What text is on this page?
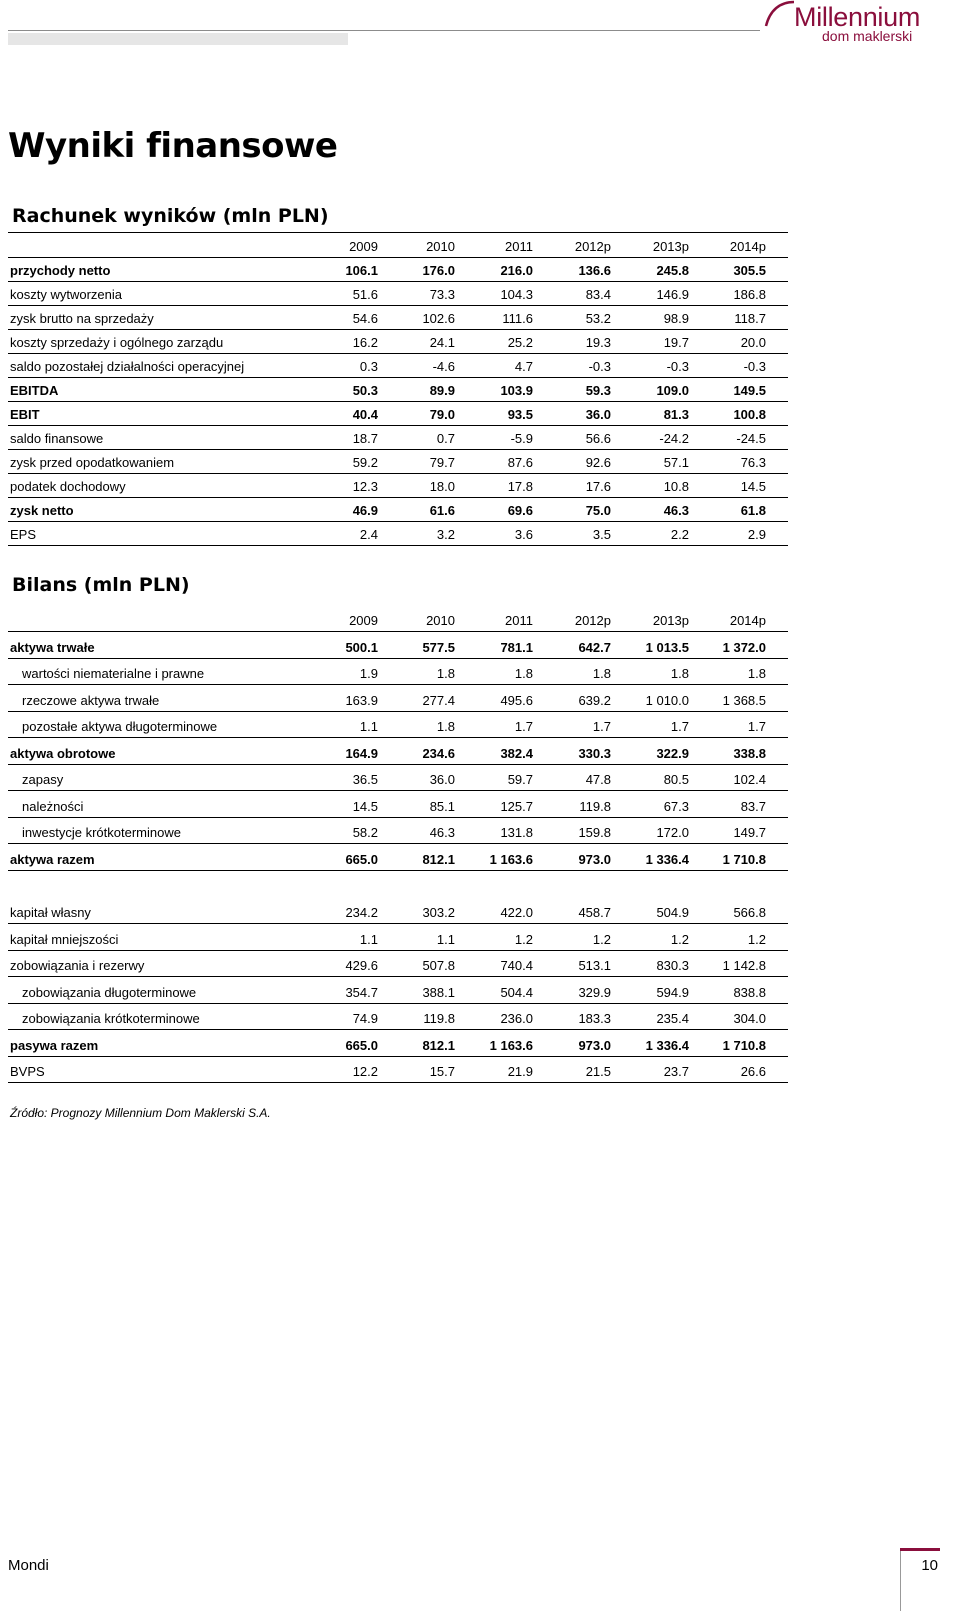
Millennium
dom maklerski
Wyniki finansowe
Rachunek wyników (mln PLN)
2009	2010	2011	2012p	2013p	2014p
przychody netto	106.1	176.0	216.0	136.6	245.8	305.5
koszty wytworzenia	51.6	73.3	104.3	83.4	146.9	186.8
zysk brutto na sprzedaży	54.6	102.6	111.6	53.2	98.9	118.7
koszty sprzedaży i ogólnego zarządu	16.2	24.1	25.2	19.3	19.7	20.0
saldo pozostałej działalności operacyjnej	0.3	-4.6	4.7	-0.3	-0.3	-0.3
EBITDA	50.3	89.9	103.9	59.3	109.0	149.5
EBIT	40.4	79.0	93.5	36.0	81.3	100.8
saldo finansowe	18.7	0.7	-5.9	56.6	-24.2	-24.5
zysk przed opodatkowaniem	59.2	79.7	87.6	92.6	57.1	76.3
podatek dochodowy	12.3	18.0	17.8	17.6	10.8	14.5
zysk netto	46.9	61.6	69.6	75.0	46.3	61.8
EPS	2.4	3.2	3.6	3.5	2.2	2.9
Bilans (mln PLN)
2009	2010	2011	2012p	2013p	2014p
aktywa trwałe	500.1	577.5	781.1	642.7	1 013.5	1 372.0
wartości niematerialne i prawne	1.9	1.8	1.8	1.8	1.8	1.8
rzeczowe aktywa trwałe	163.9	277.4	495.6	639.2	1 010.0	1 368.5
pozostałe aktywa długoterminowe	1.1	1.8	1.7	1.7	1.7	1.7
aktywa obrotowe	164.9	234.6	382.4	330.3	322.9	338.8
zapasy	36.5	36.0	59.7	47.8	80.5	102.4
należności	14.5	85.1	125.7	119.8	67.3	83.7
inwestycje krótkoterminowe	58.2	46.3	131.8	159.8	172.0	149.7
aktywa razem	665.0	812.1	1 163.6	973.0	1 336.4	1 710.8
kapitał własny	234.2	303.2	422.0	458.7	504.9	566.8
kapitał mniejszości	1.1	1.1	1.2	1.2	1.2	1.2
zobowiązania i rezerwy	429.6	507.8	740.4	513.1	830.3	1 142.8
zobowiązania długoterminowe	354.7	388.1	504.4	329.9	594.9	838.8
zobowiązania krótkoterminowe	74.9	119.8	236.0	183.3	235.4	304.0
pasywa razem	665.0	812.1	1 163.6	973.0	1 336.4	1 710.8
BVPS	12.2	15.7	21.9	21.5	23.7	26.6
Źródło: Prognozy Millennium Dom Maklerski S.A.
Mondi	10
